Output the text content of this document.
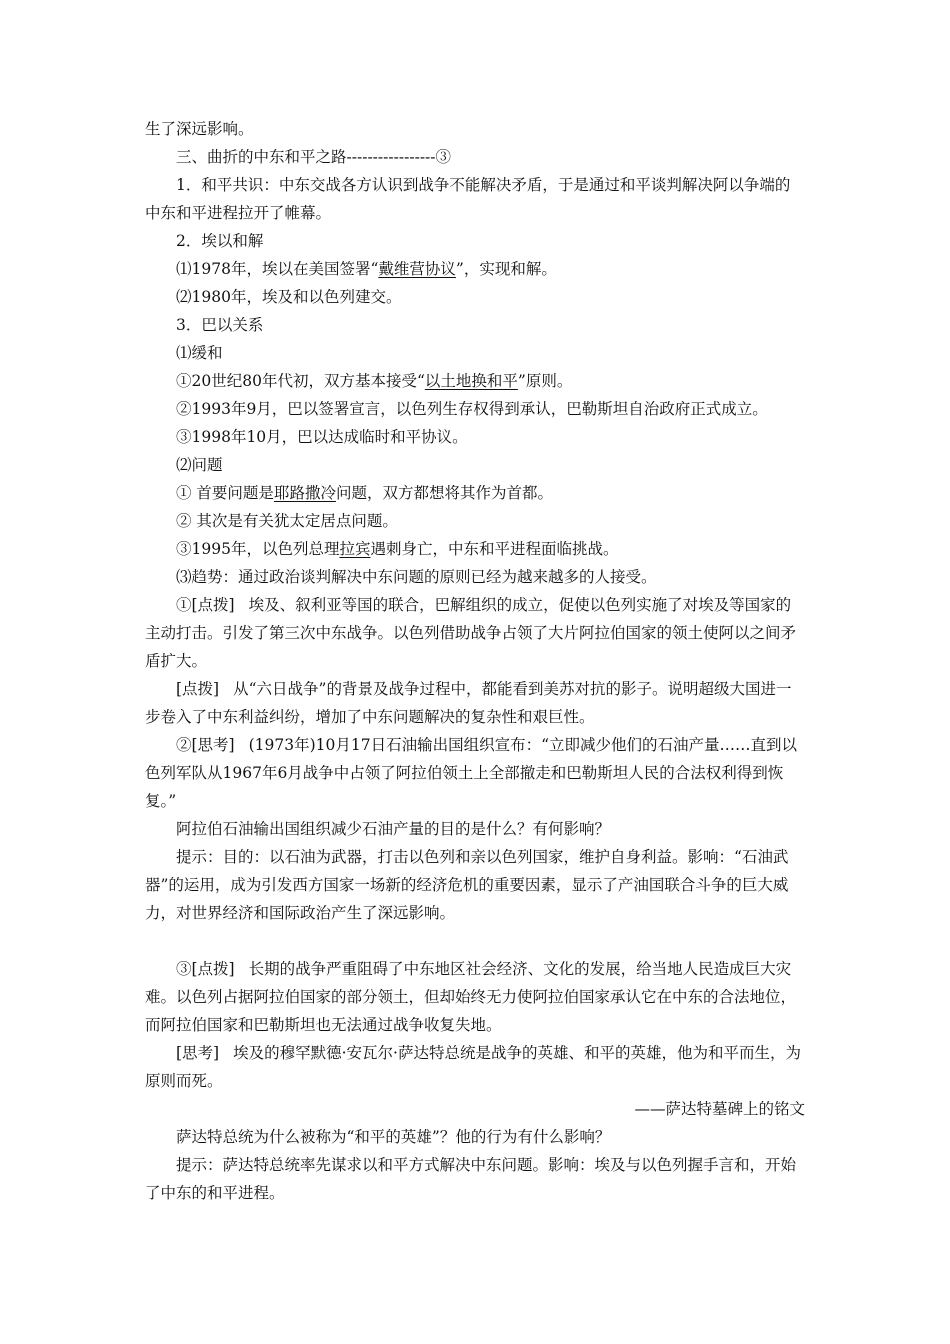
生了深远影响。

三、曲折的中东和平之路-----------------③

1．和平共识：中东交战各方认识到战争不能解决矛盾，于是通过和平谈判解决阿以争端的中东和平进程拉开了帷幕。

2．埃以和解

⑴1978年，埃以在美国签署“戴维营协议”，实现和解。

⑵1980年，埃及和以色列建交。

3．巴以关系

⑴缓和

①20世纪80年代初，双方基本接受“以土地换和平”原则。

②1993年9月，巴以签署宣言，以色列生存权得到承认，巴勒斯坦自治政府正式成立。

③1998年10月，巴以达成临时和平协议。

⑵问题

① 首要问题是耶路撒冷问题，双方都想将其作为首都。

② 其次是有关犹太定居点问题。

③1995年，以色列总理拉宾遇刺身亡，中东和平进程面临挑战。

⑶趋势：通过政治谈判解决中东问题的原则已经为越来越多的人接受。

①[点拨] 埃及、叙利亚等国的联合，巴解组织的成立，促使以色列实施了对埃及等国家的主动打击。引发了第三次中东战争。以色列借助战争占领了大片阿拉伯国家的领土使阿以之间矛盾扩大。

[点拨] 从“六日战争”的背景及战争过程中，都能看到美苏对抗的影子。说明超级大国进一步卷入了中东利益纠纷，增加了中东问题解决的复杂性和艰巨性。

②[思考] (1973年)10月17日石油输出国组织宣布：“立即减少他们的石油产量……直到以色列军队从1967年6月战争中占领了阿拉伯领土上全部撤走和巴勒斯坦人民的合法权利得到恢复。”

阿拉伯石油输出国组织减少石油产量的目的是什么？有何影响？

提示：目的：以石油为武器，打击以色列和亲以色列国家，维护自身利益。影响：“石油武器”的运用，成为引发西方国家一场新的经济危机的重要因素，显示了产油国联合斗争的巨大威力，对世界经济和国际政治产生了深远影响。

③[点拨] 长期的战争严重阻碍了中东地区社会经济、文化的发展，给当地人民造成巨大灾难。以色列占据阿拉伯国家的部分领土，但却始终无力使阿拉伯国家承认它在中东的合法地位，而阿拉伯国家和巴勒斯坦也无法通过战争收复失地。

[思考] 埃及的穆罕默德·安瓦尔·萨达特总统是战争的英雄、和平的英雄，他为和平而生，为原则而死。

——萨达特墓碑上的铭文

萨达特总统为什么被称为“和平的英雄”？他的行为有什么影响？

提示：萨达特总统率先谋求以和平方式解决中东问题。影响：埃及与以色列握手言和，开始了中东的和平进程。
